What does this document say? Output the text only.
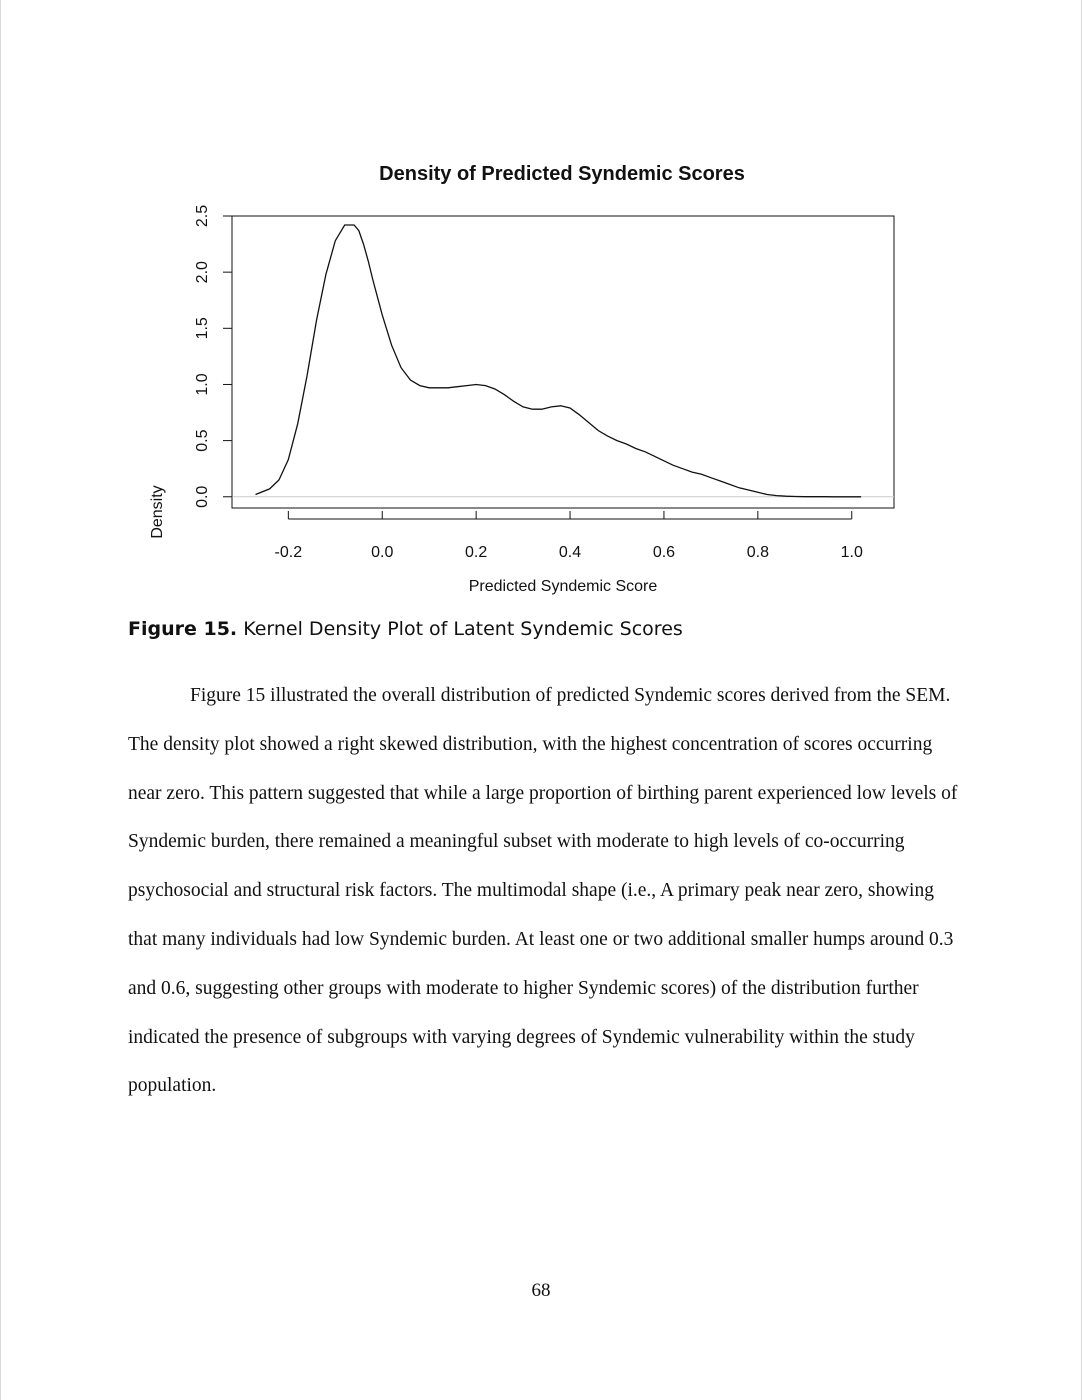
Density of Predicted Syndemic Scores
-0.2	0.0	0.2	0.4	0.6	0.8	1.0
0.0
0.5
1.0
1.5
2.0
2.5
Predicted Syndemic Score
Density

Figure 15. Kernel Density Plot of Latent Syndemic Scores

Figure 15 illustrated the overall distribution of predicted Syndemic scores derived from the SEM. The density plot showed a right skewed distribution, with the highest concentration of scores occurring near zero. This pattern suggested that while a large proportion of birthing parent experienced low levels of Syndemic burden, there remained a meaningful subset with moderate to high levels of co-occurring psychosocial and structural risk factors. The multimodal shape (i.e., A primary peak near zero, showing that many individuals had low Syndemic burden. At least one or two additional smaller humps around 0.3 and 0.6, suggesting other groups with moderate to higher Syndemic scores) of the distribution further indicated the presence of subgroups with varying degrees of Syndemic vulnerability within the study population.

68
